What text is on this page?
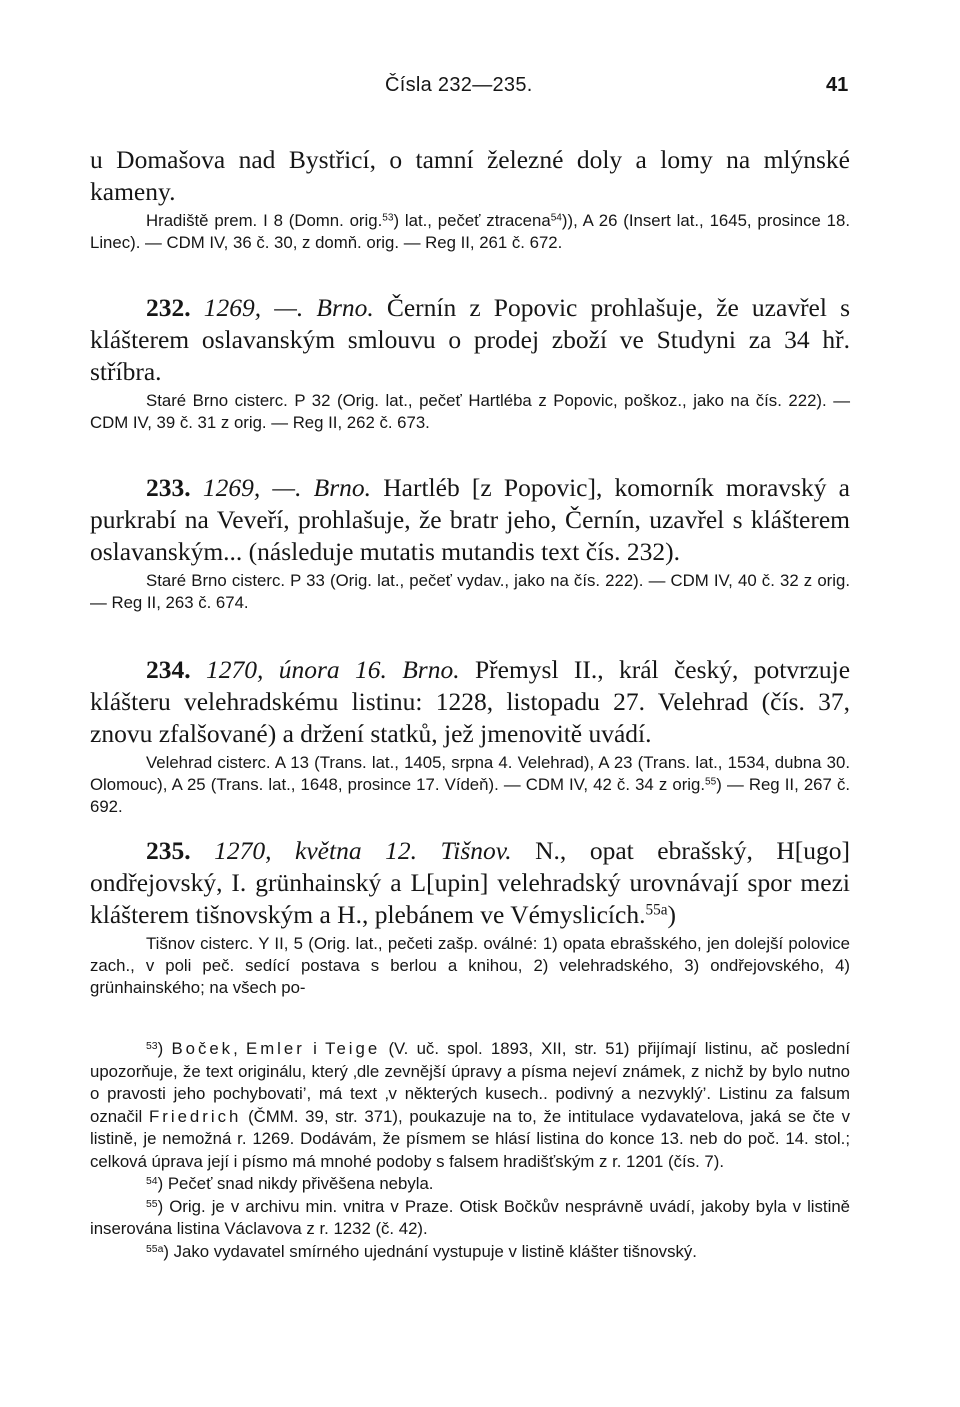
Čísla 232—235.	41
u Domašova nad Bystřicí, o tamní železné doly a lomy na mlýnské kameny.
Hradiště prem. I 8 (Domn. orig.$^{53}$) lat., pečeť ztracena$^{54}$)), A 26 (Insert lat., 1645, prosince 18. Linec). — CDM IV, 36 č. 30, z domň. orig. — Reg II, 261 č. 672.
232. 1269, —. Brno. Černín z Popovic prohlašuje, že uzavřel s klášterem oslavanským smlouvu o prodej zboží ve Studyni za 34 hř. stříbra.
Staré Brno cisterc. P 32 (Orig. lat., pečeť Hartléba z Popovic, poškoz., jako na čís. 222). — CDM IV, 39 č. 31 z orig. — Reg II, 262 č. 673.
233. 1269, —. Brno. Hartléb [z Popovic], komorník moravský a purkrabí na Veveří, prohlašuje, že bratr jeho, Černín, uzavřel s klášterem oslavanským... (následuje mutatis mutandis text čís. 232).
Staré Brno cisterc. P 33 (Orig. lat., pečeť vydav., jako na čís. 222). — CDM IV, 40 č. 32 z orig. — Reg II, 263 č. 674.
234. 1270, února 16. Brno. Přemysl II., král český, potvrzuje klášteru velehradskému listinu: 1228, listopadu 27. Velehrad (čís. 37, znovu zfalšované) a držení statků, jež jmenovitě uvádí.
Velehrad cisterc. A 13 (Trans. lat., 1405, srpna 4. Velehrad), A 23 (Trans. lat., 1534, dubna 30. Olomouc), A 25 (Trans. lat., 1648, prosince 17. Vídeň). — CDM IV, 42 č. 34 z orig.$^{55}$) — Reg II, 267 č. 692.
235. 1270, května 12. Tišnov. N., opat ebrašský, H[ugo] ondřejovský, I. grünhainský a L[upin] velehradský urovnávají spor mezi klášterem tišnovským a H., plebánem ve Vémyslicích.$^{55a}$)
Tišnov cisterc. Y II, 5 (Orig. lat., pečeti zašp. oválné: 1) opata ebrašského, jen dolejší polovice zach., v poli peč. sedící postava s berlou a knihou, 2) velehradského, 3) ondřejovského, 4) grünhainského; na všech po-

$^{53}$) Boček, Emler i Teige (V. uč. spol. 1893, XII, str. 51) přijímají listinu, ač poslední upozorňuje, že text originálu, který ‚dle zevnější úpravy a písma nejeví známek, z nichž by bylo nutno o pravosti jeho pochybovati’, má text ‚v některých kusech.. podivný a nezvyklý’. Listinu za falsum označil Friedrich (ČMM. 39, str. 371), poukazuje na to, že intitulace vydavatelova, jaká se čte v listině, je nemožná r. 1269. Dodávám, že písmem se hlásí listina do konce 13. neb do poč. 14. stol.; celková úprava její i písmo má mnohé podoby s falsem hradišťským z r. 1201 (čís. 7).

$^{54}$) Pečeť snad nikdy přivěšena nebyla.

$^{55}$) Orig. je v archivu min. vnitra v Praze. Otisk Bočkův nesprávně uvádí, jakoby byla v listině inserována listina Václavova z r. 1232 (č. 42).

$^{55a}$) Jako vydavatel smírného ujednání vystupuje v listině klášter tišnovský.
